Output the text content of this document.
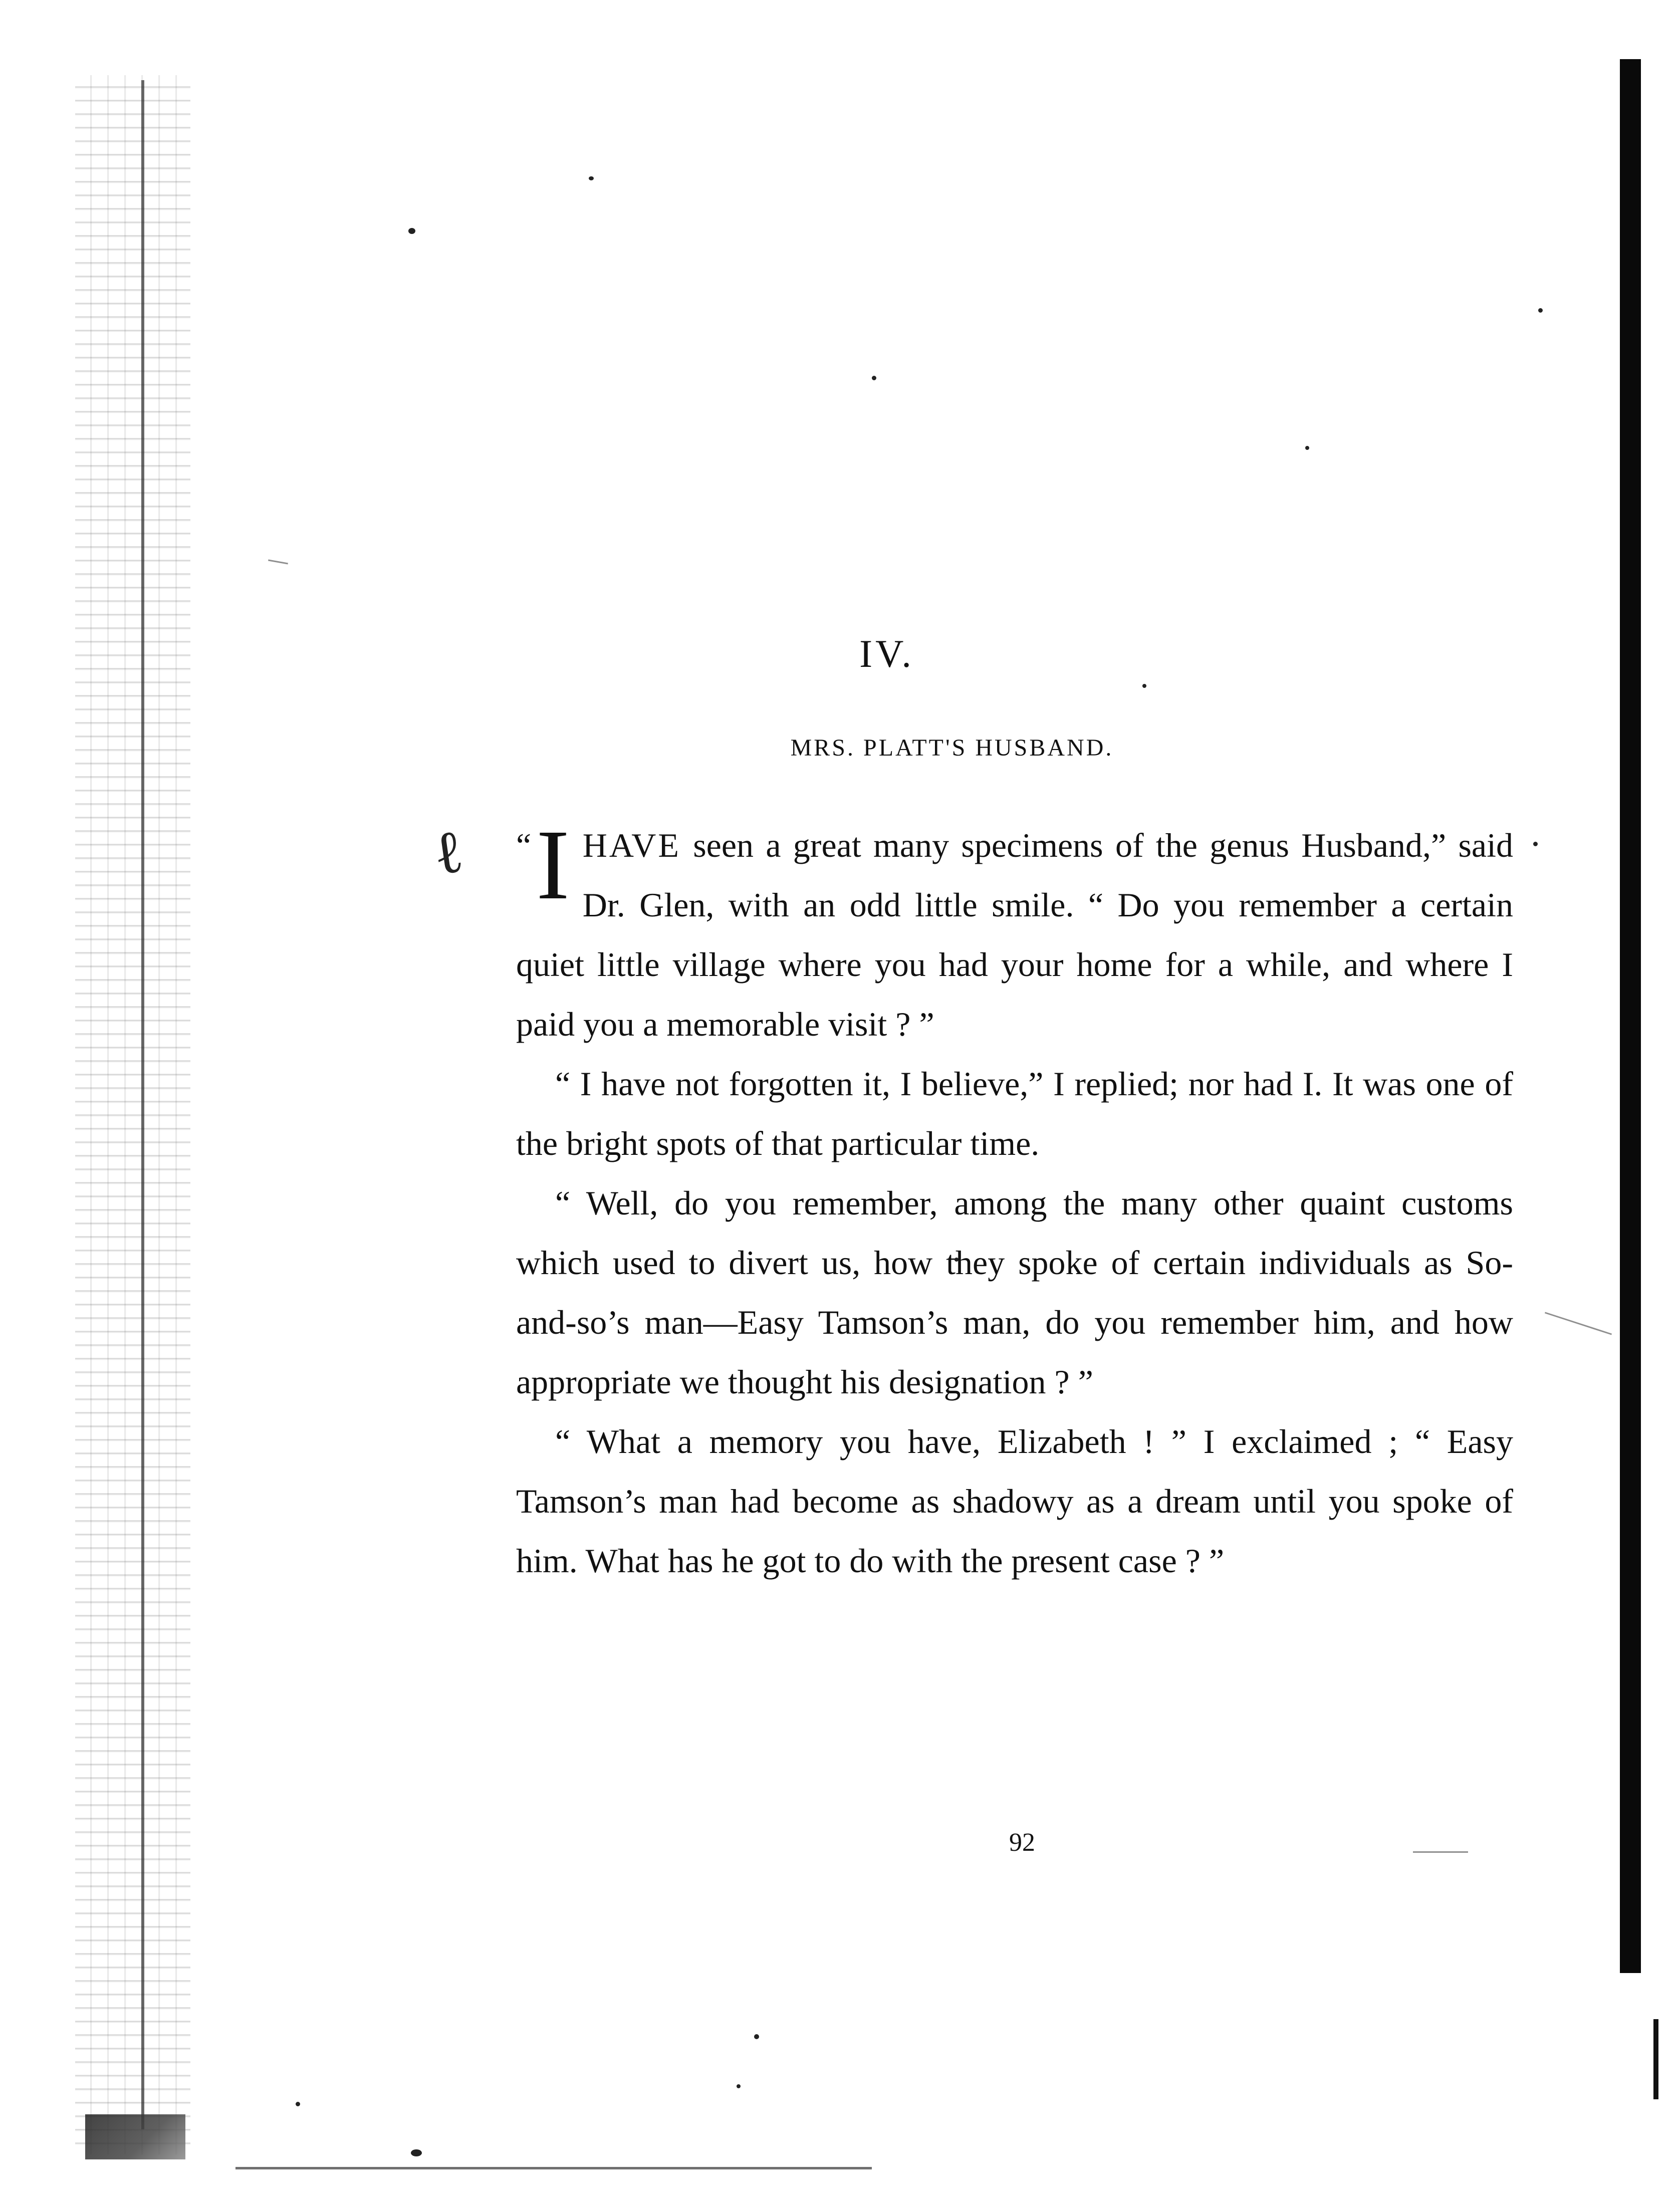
ℓ
IV.
MRS. PLATT'S HUSBAND.

“ I HAVE seen a great many specimens of the genus Husband,” said Dr. Glen, with an odd little smile. “ Do you remember a certain quiet little village where you had your home for a while, and where I paid you a memorable visit ? ”

“ I have not forgotten it, I believe,” I replied; nor had I. It was one of the bright spots of that particular time.

“ Well, do you remember, among the many other quaint customs which used to divert us, how they spoke of certain individuals as So-and-so’s man—Easy Tamson’s man, do you remember him, and how appropriate we thought his designation ? ”

“ What a memory you have, Elizabeth ! ” I exclaimed ; “ Easy Tamson’s man had become as shadowy as a dream until you spoke of him. What has he got to do with the present case ? ”

92
